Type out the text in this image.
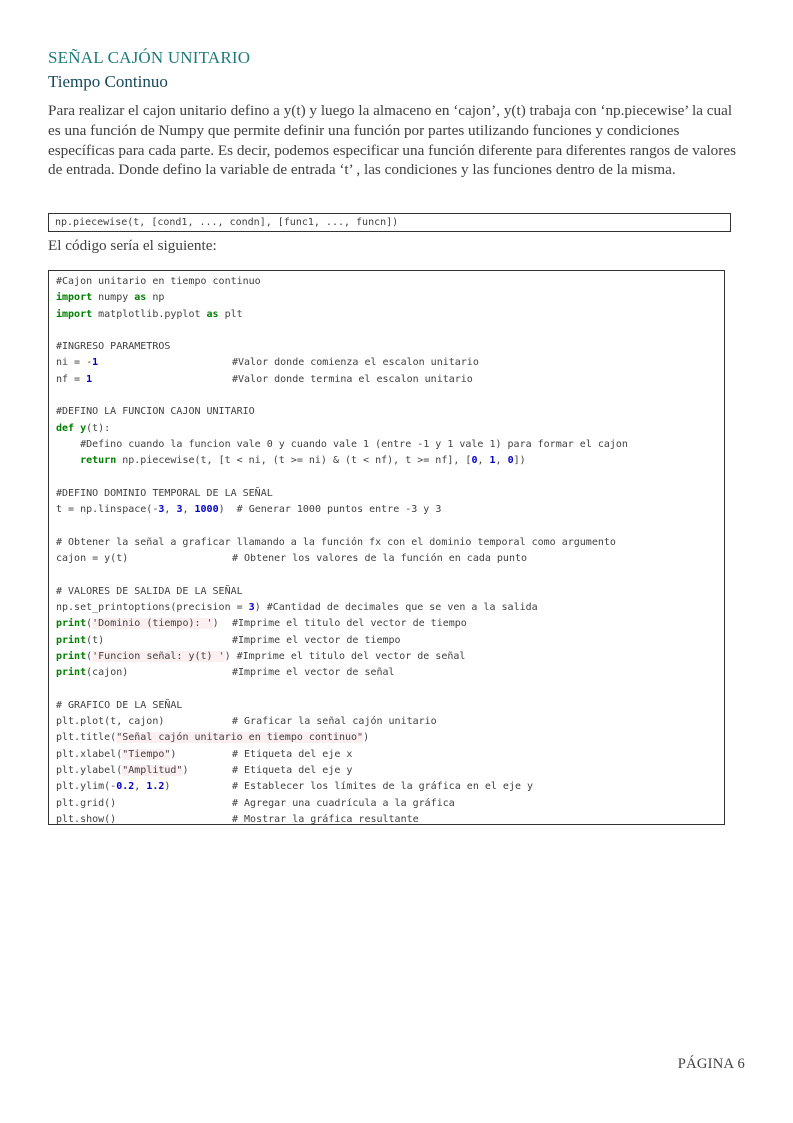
SEÑAL CAJÓN UNITARIO
Tiempo Continuo
Para realizar el cajon unitario defino a y(t) y luego la almaceno en ‘cajon’, y(t) trabaja con ‘np.piecewise’ la cual es una función de Numpy que permite definir una función por partes utilizando funciones y condiciones específicas para cada parte. Es decir, podemos especificar una función diferente para diferentes rangos de valores de entrada. Donde defino la variable de entrada ‘t’ , las condiciones y las funciones dentro de la misma.
np.piecewise(t, [cond1, ..., condn], [func1, ..., funcn])
El código sería el siguiente:
#Cajon unitario en tiempo continuo
import numpy as np
import matplotlib.pyplot as plt
#INGRESO PARAMETROS
ni = -1	#Valor donde comienza el escalon unitario
nf = 1	#Valor donde termina el escalon unitario
#DEFINO LA FUNCION CAJON UNITARIO
def y(t):
#Defino cuando la funcion vale 0 y cuando vale 1 (entre -1 y 1 vale 1) para formar el cajon
return np.piecewise(t, [t < ni, (t >= ni) & (t < nf), t >= nf], [0, 1, 0])
#DEFINO DOMINIO TEMPORAL DE LA SEÑAL
t = np.linspace(-3, 3, 1000)  # Generar 1000 puntos entre -3 y 3
# Obtener la señal a graficar llamando a la función fx con el dominio temporal como argumento
cajon = y(t)	# Obtener los valores de la función en cada punto
# VALORES DE SALIDA DE LA SEÑAL
np.set_printoptions(precision = 3) #Cantidad de decimales que se ven a la salida
print('Dominio (tiempo): ') #Imprime el titulo del vector de tiempo
print(t)	#Imprime el vector de tiempo
print('Funcion señal: y(t) ') #Imprime el titulo del vector de señal
print(cajon)	#Imprime el vector de señal
# GRAFICO DE LA SEÑAL
plt.plot(t, cajon)	# Graficar la señal cajón unitario
plt.title("Señal cajón unitario en tiempo continuo")
plt.xlabel("Tiempo")	# Etiqueta del eje x
plt.ylabel("Amplitud")	# Etiqueta del eje y
plt.ylim(-0.2, 1.2)	# Establecer los límites de la gráfica en el eje y
plt.grid()	# Agregar una cuadrícula a la gráfica
plt.show()	# Mostrar la gráfica resultante
PÁGINA 6
